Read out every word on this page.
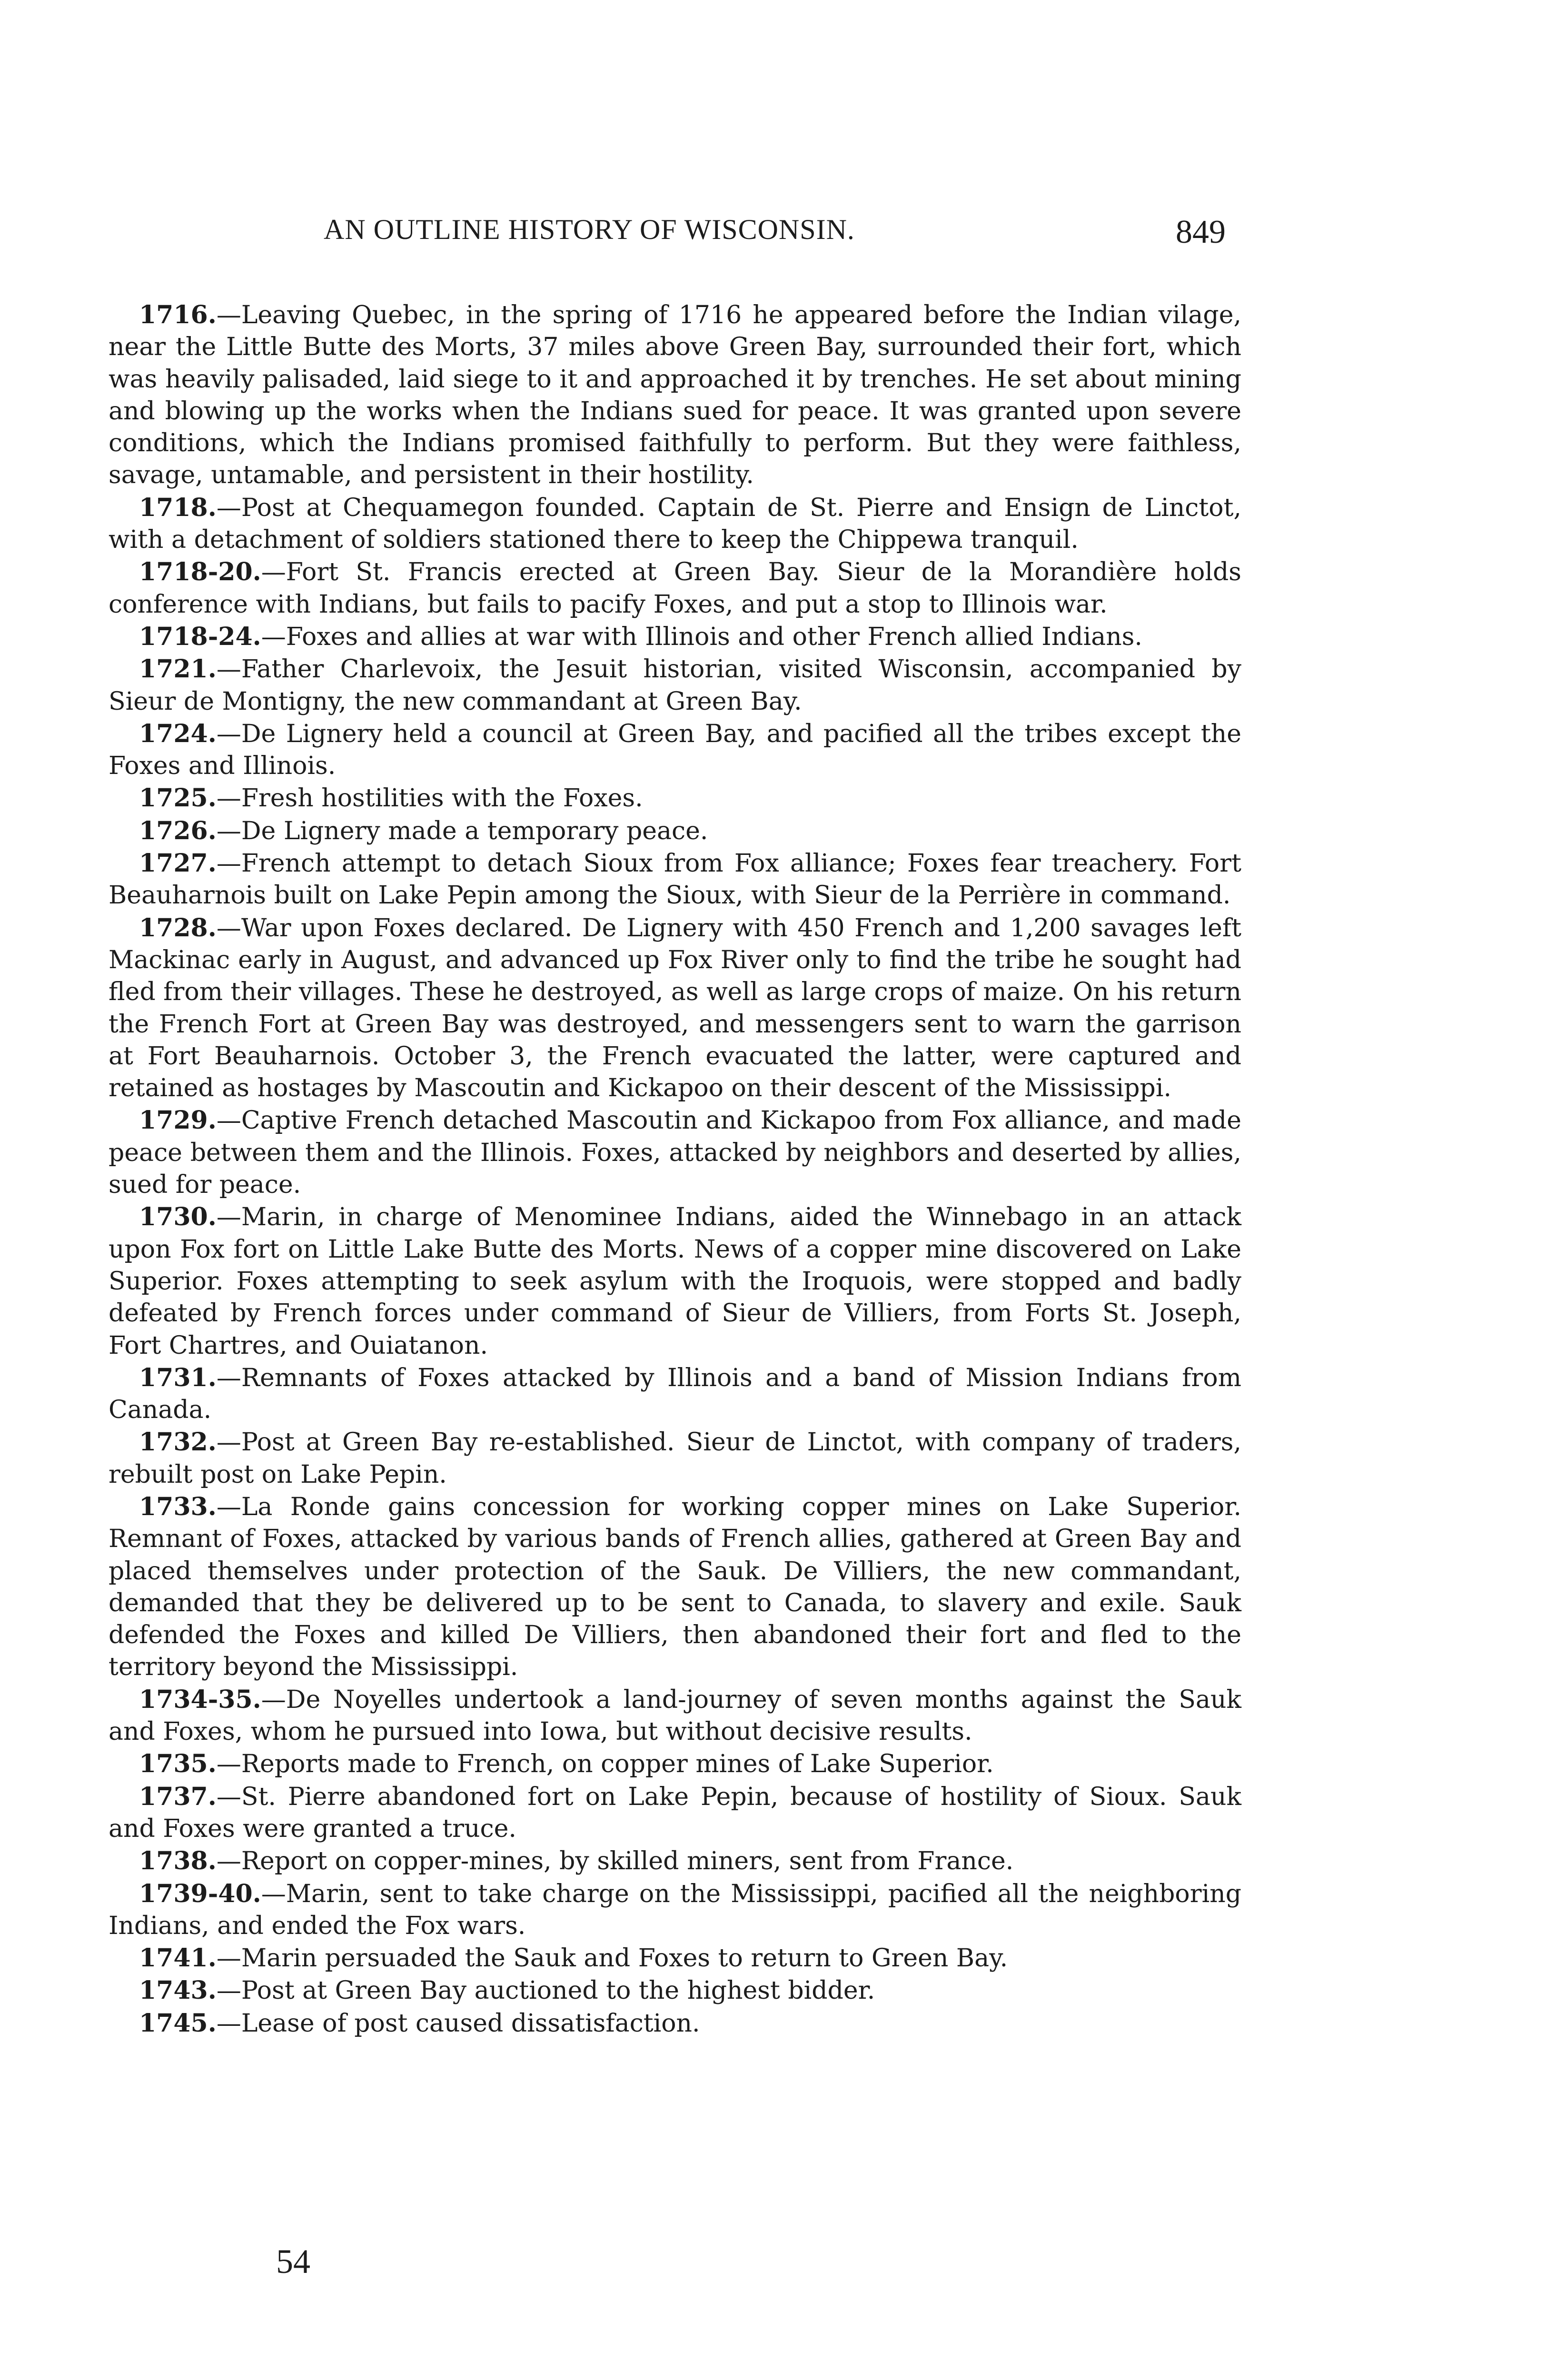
AN OUTLINE HISTORY OF WISCONSIN.	849

1716.—Leaving Quebec, in the spring of 1716 he appeared before the Indian vilage, near the Little Butte des Morts, 37 miles above Green Bay, surrounded their fort, which was heavily palisaded, laid siege to it and approached it by trenches. He set about mining and blowing up the works when the Indians sued for peace. It was granted upon severe conditions, which the Indians promised faithfully to perform. But they were faithless, savage, untamable, and persistent in their hostility.

1718.—Post at Chequamegon founded. Captain de St. Pierre and Ensign de Linctot, with a detachment of soldiers stationed there to keep the Chippewa tranquil.

1718-20.—Fort St. Francis erected at Green Bay. Sieur de la Morandière holds conference with Indians, but fails to pacify Foxes, and put a stop to Illinois war.

1718-24.—Foxes and allies at war with Illinois and other French allied Indians.

1721.—Father Charlevoix, the Jesuit historian, visited Wisconsin, accompanied by Sieur de Montigny, the new commandant at Green Bay.

1724.—De Lignery held a council at Green Bay, and pacified all the tribes except the Foxes and Illinois.

1725.—Fresh hostilities with the Foxes.

1726.—De Lignery made a temporary peace.

1727.—French attempt to detach Sioux from Fox alliance; Foxes fear treachery. Fort Beauharnois built on Lake Pepin among the Sioux, with Sieur de la Perrière in command.

1728.—War upon Foxes declared. De Lignery with 450 French and 1,200 savages left Mackinac early in August, and advanced up Fox River only to find the tribe he sought had fled from their villages. These he destroyed, as well as large crops of maize. On his return the French Fort at Green Bay was destroyed, and messengers sent to warn the garrison at Fort Beauharnois. October 3, the French evacuated the latter, were captured and retained as hostages by Mascoutin and Kickapoo on their descent of the Mississippi.

1729.—Captive French detached Mascoutin and Kickapoo from Fox alliance, and made peace between them and the Illinois. Foxes, attacked by neighbors and deserted by allies, sued for peace.

1730.—Marin, in charge of Menominee Indians, aided the Winnebago in an attack upon Fox fort on Little Lake Butte des Morts. News of a copper mine discovered on Lake Superior. Foxes attempting to seek asylum with the Iroquois, were stopped and badly defeated by French forces under command of Sieur de Villiers, from Forts St. Joseph, Fort Chartres, and Ouiatanon.

1731.—Remnants of Foxes attacked by Illinois and a band of Mission Indians from Canada.

1732.—Post at Green Bay re-established. Sieur de Linctot, with company of traders, rebuilt post on Lake Pepin.

1733.—La Ronde gains concession for working copper mines on Lake Superior. Remnant of Foxes, attacked by various bands of French allies, gathered at Green Bay and placed themselves under protection of the Sauk. De Villiers, the new commandant, demanded that they be delivered up to be sent to Canada, to slavery and exile. Sauk defended the Foxes and killed De Villiers, then abandoned their fort and fled to the territory beyond the Mississippi.

1734-35.—De Noyelles undertook a land-journey of seven months against the Sauk and Foxes, whom he pursued into Iowa, but without decisive results.

1735.—Reports made to French, on copper mines of Lake Superior.

1737.—St. Pierre abandoned fort on Lake Pepin, because of hostility of Sioux. Sauk and Foxes were granted a truce.

1738.—Report on copper-mines, by skilled miners, sent from France.

1739-40.—Marin, sent to take charge on the Mississippi, pacified all the neighboring Indians, and ended the Fox wars.

1741.—Marin persuaded the Sauk and Foxes to return to Green Bay.

1743.—Post at Green Bay auctioned to the highest bidder.

1745.—Lease of post caused dissatisfaction.

54
